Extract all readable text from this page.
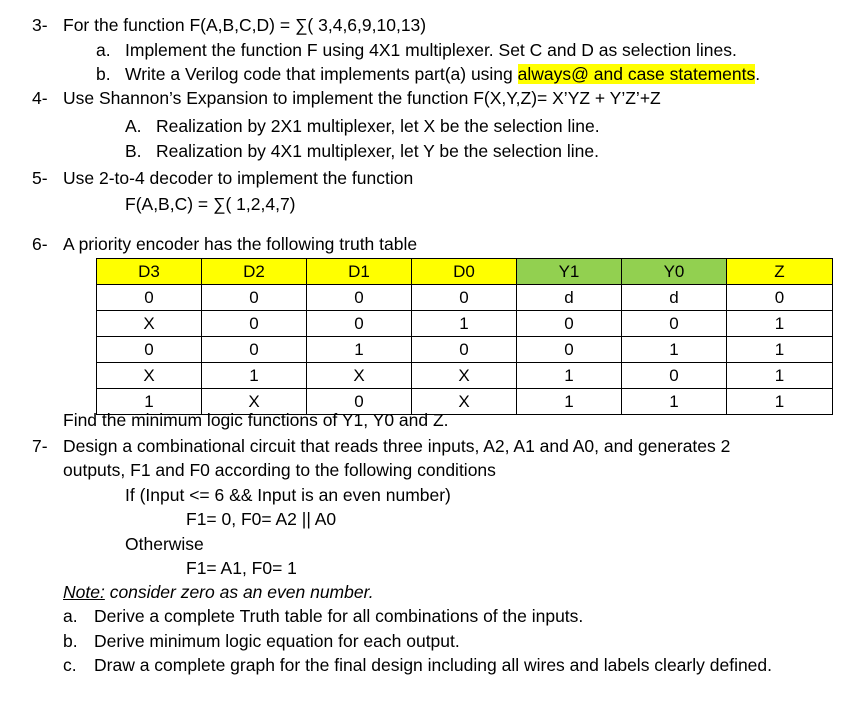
3- For the function F(A,B,C,D) = ∑( 3,4,6,9,10,13)
a. Implement the function F using 4X1 multiplexer. Set C and D as selection lines.
b. Write a Verilog code that implements part(a) using always@ and case statements.
4- Use Shannon’s Expansion to implement the function F(X,Y,Z)= X’YZ + Y’Z’+Z
A. Realization by 2X1 multiplexer, let X be the selection line.
B. Realization by 4X1 multiplexer, let Y be the selection line.
5- Use 2-to-4 decoder to implement the function
F(A,B,C) = ∑( 1,2,4,7)
6- A priority encoder has the following truth table
D3	D2	D1	D0	Y1	Y0	Z
0	0	0	0	d	d	0
X	0	0	1	0	0	1
0	0	1	0	0	1	1
X	1	X	X	1	0	1
1	X	0	X	1	1	1
Find the minimum logic functions of Y1, Y0 and Z.
7- Design a combinational circuit that reads three inputs, A2, A1 and A0, and generates 2
outputs, F1 and F0 according to the following conditions
If (Input <= 6 && Input is an even number)
F1= 0, F0= A2 || A0
Otherwise
F1= A1, F0= 1
Note: consider zero as an even number.
a. Derive a complete Truth table for all combinations of the inputs.
b. Derive minimum logic equation for each output.
c. Draw a complete graph for the final design including all wires and labels clearly defined.
